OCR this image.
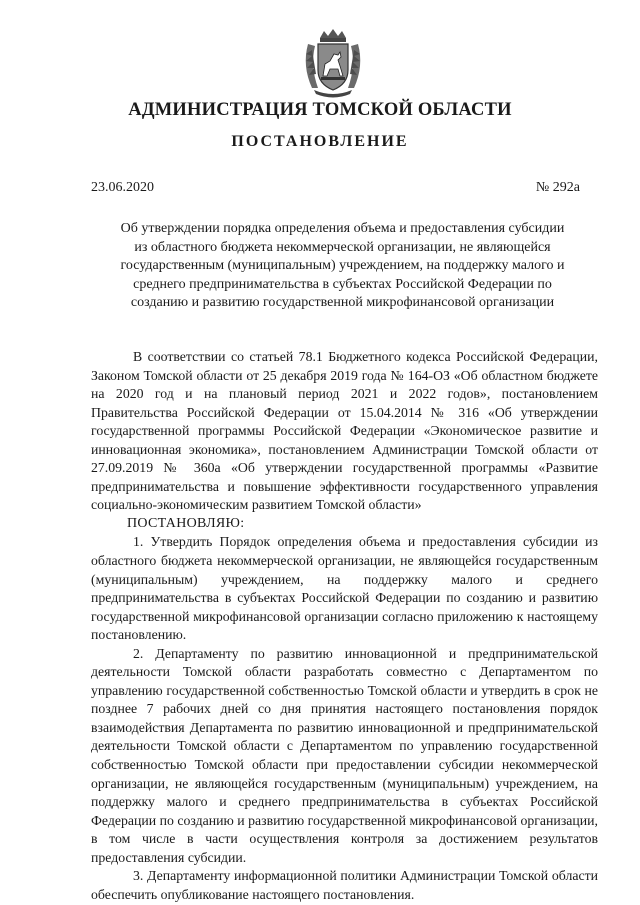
АДМИНИСТРАЦИЯ ТОМСКОЙ ОБЛАСТИ
ПОСТАНОВЛЕНИЕ
23.06.2020	№ 292а
Об утверждении порядка определения объема и предоставления субсидии из областного бюджета некоммерческой организации, не являющейся государственным (муниципальным) учреждением, на поддержку малого и среднего предпринимательства в субъектах Российской Федерации по созданию и развитию государственной микрофинансовой организации

В соответствии со статьей 78.1 Бюджетного кодекса Российской Федерации, Законом Томской области от 25 декабря 2019 года № 164-ОЗ «Об областном бюджете на 2020 год и на плановый период 2021 и 2022 годов», постановлением Правительства Российской Федерации от 15.04.2014 № 316 «Об утверждении государственной программы Российской Федерации «Экономическое развитие и инновационная экономика», постановлением Администрации Томской области от 27.09.2019 № 360а «Об утверждении государственной программы «Развитие предпринимательства и повышение эффективности государственного управления социально-экономическим развитием Томской области»

ПОСТАНОВЛЯЮ:

1. Утвердить Порядок определения объема и предоставления субсидии из областного бюджета некоммерческой организации, не являющейся государственным (муниципальным) учреждением, на поддержку малого и среднего предпринимательства в субъектах Российской Федерации по созданию и развитию государственной микрофинансовой организации согласно приложению к настоящему постановлению.

2. Департаменту по развитию инновационной и предпринимательской деятельности Томской области разработать совместно с Департаментом по управлению государственной собственностью Томской области и утвердить в срок не позднее 7 рабочих дней со дня принятия настоящего постановления порядок взаимодействия Департамента по развитию инновационной и предпринимательской деятельности Томской области с Департаментом по управлению государственной собственностью Томской области при предоставлении субсидии некоммерческой организации, не являющейся государственным (муниципальным) учреждением, на поддержку малого и среднего предпринимательства в субъектах Российской Федерации по созданию и развитию государственной микрофинансовой организации, в том числе в части осуществления контроля за достижением результатов предоставления субсидии.

3. Департаменту информационной политики Администрации Томской области обеспечить опубликование настоящего постановления.
